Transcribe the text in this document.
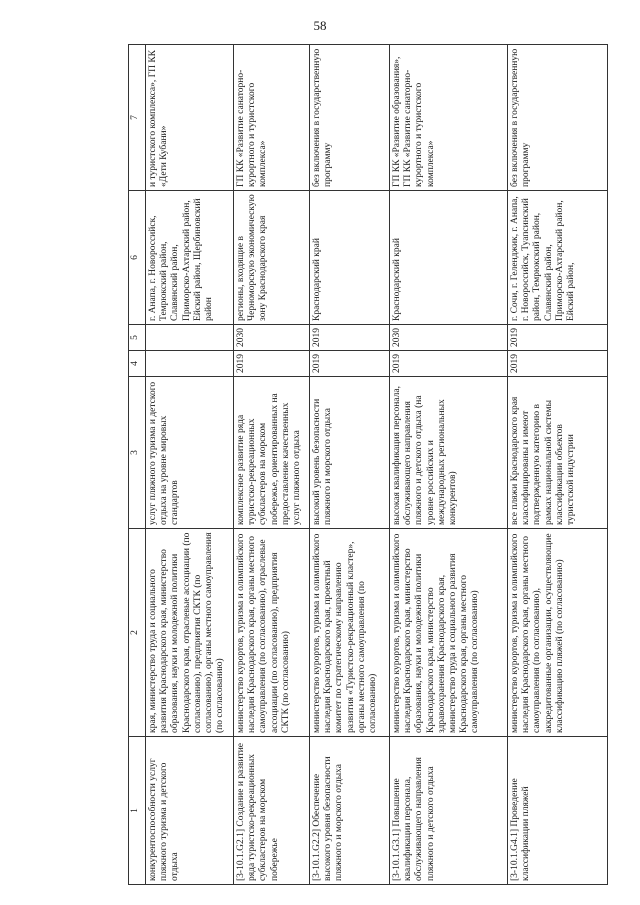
58
1	2	3	4	5	6	7
конкурентоспособности услуг пляжного туризма и детского отдыха	края, министерство труда и социального развития Краснодарского края, министерство образования, науки и молодежной политики Краснодарского края, отраслевые ассоциации (по согласованию), предприятия СКТК (по согласованию), органы местного самоуправления (по согласованию)	услуг пляжного туризма и детского отдыха на уровне мировых стандартов			г. Анапа, г. Новороссийск, Темрюкский район, Славянский район, Приморско-Ахтарский район, Ейский район, Щербиновский район	и туристского комплекса», ГП КК «Дети Кубани»
[3-10.1.G2.1] Создание и развитие ряда туристско-рекреационных субкластеров на морском побережье	министерство курортов, туризма и олимпийского наследия Краснодарского края, органы местного самоуправления (по согласованию), отраслевые ассоциации (по согласованию), предприятия СКТК (по согласованию)	комплексное развитие ряда туристско-рекреационных субкластеров на морском побережье, ориентированных на предоставление качественных услуг пляжного отдыха	2019	2030	регионы, входящие в Черноморскую экономическую зону Краснодарского края	ГП КК «Развитие санаторно-курортного и туристского комплекса»
[3-10.1.G2.2] Обеспечение высокого уровня безопасности пляжного и морского отдыха	министерство курортов, туризма и олимпийского наследия Краснодарского края, проектный комитет по стратегическому направлению развития «Туристско-рекреационный кластер», органы местного самоуправления (по согласованию)	высокий уровень безопасности пляжного и морского отдыха	2019	2019	Краснодарский край	без включения в государственную программу
[3-10.1.G3.1] Повышение квалификации персонала, обслуживающего направления пляжного и детского отдыха	министерство курортов, туризма и олимпийского наследия Краснодарского края, министерство образования, науки и молодежной политики Краснодарского края, министерство здравоохранения Краснодарского края, министерство труда и социального развития Краснодарского края, органы местного самоуправления (по согласованию)	высокая квалификация персонала, обслуживающего направления пляжного и детского отдыха (на уровне российских и международных региональных конкурентов)	2019	2030	Краснодарский край	ГП КК «Развитие образования», ГП КК «Развитие санаторно-курортного и туристского комплекса»
[3-10.1.G4.1] Проведение классификации пляжей	министерство курортов, туризма и олимпийского наследия Краснодарского края, органы местного самоуправления (по согласованию), аккредитованные организации, осуществляющие классификацию пляжей (по согласованию)	все пляжи Краснодарского края классифицированы и имеют подтвержденную категорию в рамках национальной системы классификации объектов туристской индустрии	2019	2019	г. Сочи, г. Геленджик, г. Анапа, г. Новороссийск, Туапсинский район, Темрюкский район, Славянский район, Приморско-Ахтарский район, Ейский район,	без включения в государственную программу
